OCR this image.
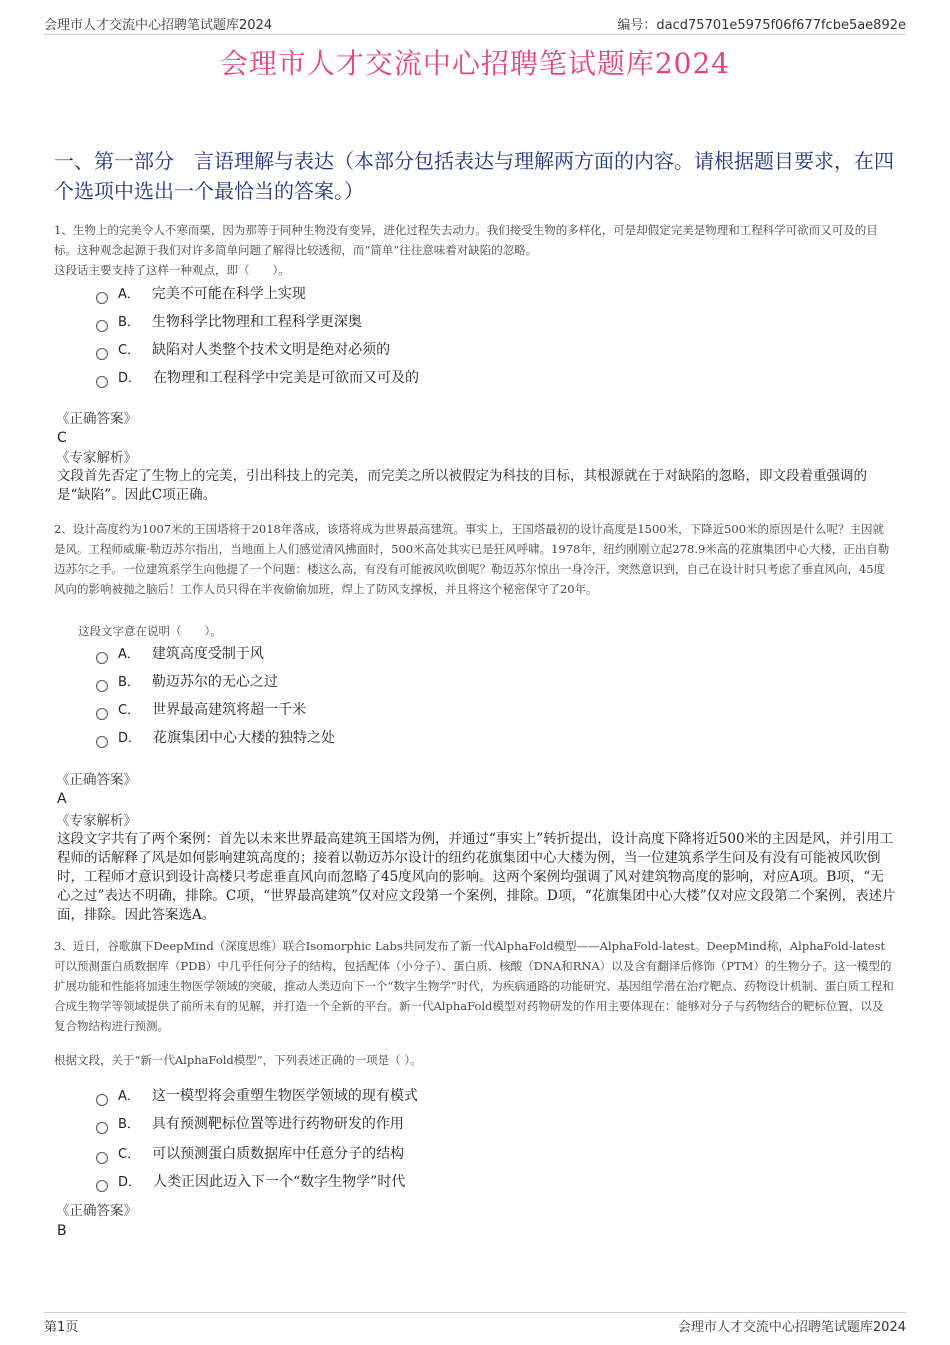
会理市人才交流中心招聘笔试题库2024	编号：dacd75701e5975f06f677fcbe5ae892e
会理市人才交流中心招聘笔试题库2024
一、第一部分　言语理解与表达（本部分包括表达与理解两方面的内容。请根据题目要求，在四个选项中选出一个最恰当的答案。）

1、生物上的完美令人不寒而栗，因为那等于同种生物没有变异，进化过程失去动力。我们接受生物的多样化，可是却假定完美是物理和工程科学可欲而又可及的目标。这种观念起源于我们对许多简单问题了解得比较透彻，而“简单”往往意味着对缺陷的忽略。

这段话主要支持了这样一种观点，即（　　）。

A． 完美不可能在科学上实现
B． 生物科学比物理和工程科学更深奥
C． 缺陷对人类整个技术文明是绝对必须的
D． 在物理和工程科学中完美是可欲而又可及的
《正确答案》
C
《专家解析》

文段首先否定了生物上的完美，引出科技上的完美，而完美之所以被假定为科技的目标，其根源就在于对缺陷的忽略，即文段着重强调的是“缺陷”。因此C项正确。

2、设计高度约为1007米的王国塔将于2018年落成，该塔将成为世界最高建筑。事实上，王国塔最初的设计高度是1500米，下降近500米的原因是什么呢？主因就是风。工程师威廉·勒迈苏尔指出，当地面上人们感觉清风拂面时，500米高处其实已是狂风呼啸。1978年，纽约刚刚立起278.9米高的花旗集团中心大楼，正出自勒迈苏尔之手。一位建筑系学生向他提了一个问题：楼这么高，有没有可能被风吹倒呢？勒迈苏尔惊出一身冷汗，突然意识到，自己在设计时只考虑了垂直风向，45度风向的影响被抛之脑后！工作人员只得在半夜偷偷加班，焊上了防风支撑板，并且将这个秘密保守了20年。

这段文字意在说明（　　）。

A． 建筑高度受制于风
B． 勒迈苏尔的无心之过
C． 世界最高建筑将超一千米
D． 花旗集团中心大楼的独特之处
《正确答案》
A
《专家解析》

这段文字共有了两个案例：首先以未来世界最高建筑王国塔为例，并通过“事实上”转折提出，设计高度下降将近500米的主因是风，并引用工程师的话解释了风是如何影响建筑高度的；接着以勒迈苏尔设计的纽约花旗集团中心大楼为例，当一位建筑系学生问及有没有可能被风吹倒时，工程师才意识到设计高楼只考虑垂直风向而忽略了45度风向的影响。这两个案例均强调了风对建筑物高度的影响，对应A项。B项，“无心之过”表达不明确，排除。C项，“世界最高建筑”仅对应文段第一个案例，排除。D项，“花旗集团中心大楼”仅对应文段第二个案例，表述片面，排除。因此答案选A。

3、近日，谷歌旗下DeepMind（深度思维）联合Isomorphic Labs共同发布了新一代AlphaFold模型——AlphaFold-latest。DeepMind称，AlphaFold-latest可以预测蛋白质数据库（PDB）中几乎任何分子的结构，包括配体（小分子）、蛋白质、核酸（DNA和RNA）以及含有翻译后修饰（PTM）的生物分子。这一模型的扩展功能和性能将加速生物医学领域的突破，推动人类迈向下一个“数字生物学”时代，为疾病通路的功能研究、基因组学潜在治疗靶点、药物设计机制、蛋白质工程和合成生物学等领域提供了前所未有的见解，并打造一个全新的平台。新一代AlphaFold模型对药物研发的作用主要体现在：能够对分子与药物结合的靶标位置，以及复合物结构进行预测。

根据文段，关于“新一代AlphaFold模型”，下列表述正确的一项是（ ）。

A． 这一模型将会重塑生物医学领域的现有模式
B． 具有预测靶标位置等进行药物研发的作用
C． 可以预测蛋白质数据库中任意分子的结构
D． 人类正因此迈入下一个“数字生物学”时代
《正确答案》
B
第1页	会理市人才交流中心招聘笔试题库2024
